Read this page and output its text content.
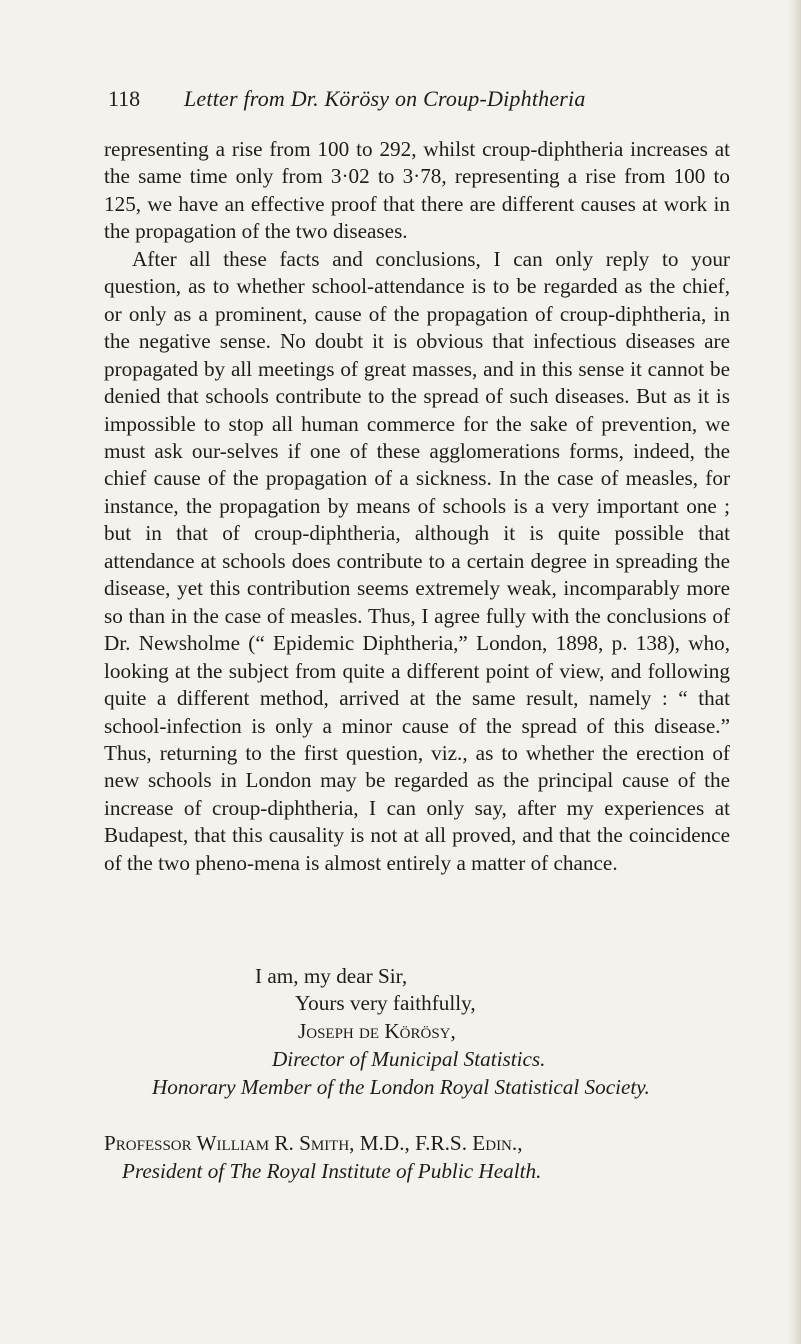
118 Letter from Dr. Körösy on Croup-Diphtheria

representing a rise from 100 to 292, whilst croup-diphtheria increases at the same time only from 3·02 to 3·78, representing a rise from 100 to 125, we have an effective proof that there are different causes at work in the propagation of the two diseases.

After all these facts and conclusions, I can only reply to your question, as to whether school-attendance is to be regarded as the chief, or only as a prominent, cause of the propagation of croup-diphtheria, in the negative sense. No doubt it is obvious that infectious diseases are propagated by all meetings of great masses, and in this sense it cannot be denied that schools contribute to the spread of such diseases. But as it is impossible to stop all human commerce for the sake of prevention, we must ask our-selves if one of these agglomerations forms, indeed, the chief cause of the propagation of a sickness. In the case of measles, for instance, the propagation by means of schools is a very important one ; but in that of croup-diphtheria, although it is quite possible that attendance at schools does contribute to a certain degree in spreading the disease, yet this contribution seems extremely weak, incomparably more so than in the case of measles. Thus, I agree fully with the conclusions of Dr. Newsholme (“ Epidemic Diphtheria,” London, 1898, p. 138), who, looking at the subject from quite a different point of view, and following quite a different method, arrived at the same result, namely : “ that school-infection is only a minor cause of the spread of this disease.” Thus, returning to the first question, viz., as to whether the erection of new schools in London may be regarded as the principal cause of the increase of croup-diphtheria, I can only say, after my experiences at Budapest, that this causality is not at all proved, and that the coincidence of the two pheno-mena is almost entirely a matter of chance.

I am, my dear Sir,
Yours very faithfully,
Joseph de Körösy,
Director of Municipal Statistics.
Honorary Member of the London Royal Statistical Society.
Professor William R. Smith, M.D., F.R.S. Edin.,
President of The Royal Institute of Public Health.
